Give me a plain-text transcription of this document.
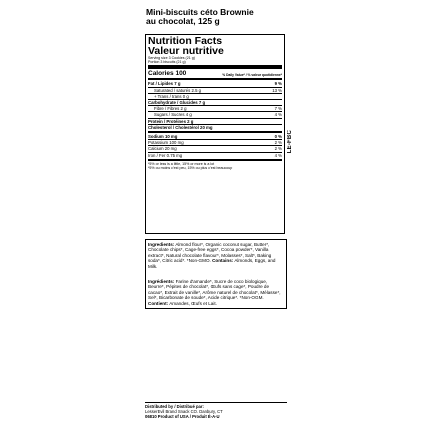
Mini-biscuits céto Brownie
au chocolat, 125 g
Nutrition Facts
Valeur nutritive
Serving size 3 Cookies (21 g)
Portion 3 biscuits (21 g)
Calories 100	% Daily Value* / % valeur quotidienne*
Fat / Lipides 7 g	9 %
Saturated / saturés 2.5 g	13 %
+ Trans / trans 0 g
Carbohydrate / Glucides 7 g
Fibre / Fibres 2 g	7 %
Sugars / Sucres 4 g	4 %
Protein / Protéines 2 g
Cholesterol / Cholestérol 20 mg
Sodium 10 mg	0 %
Potassium 100 mg	2 %
Calcium 20 mg	2 %
Iron / Fer 0.75 mg	4 %
*5% or less is a little, 15% or more is a lot
*5% ou moins c'est peu, 15% ou plus c'est beaucoup
LE-FBC
Ingredients: Almond flour*, Organic coconut sugar, Butter*, Chocolate chips*, Cage-free eggs*, Cocoa powder*, Vanilla extract*, Natural chocolate flavour*, Molasses*, Salt*, Baking soda*, Citric acid*. *Non-GMO. Contains: Almonds, Eggs, and Milk.
Ingrédients: Farine d'amande*, Sucre de coco biologique, Beurre*, Pépites de chocolat*, Œufs sans cage*, Poudre de cacao*, Extrait de vanille*, Arôme naturel de chocolat*, Mélasse*, Sel*, Bicarbonate de soude*, Acide citrique*. *Non-OGM. Contient: Amandes, Œufs et Lait.
Distributed by / Distribué par:
LesserEvil Brand Snack CO. Danbury, CT
06810 Product of USA / Produit É-A-U
